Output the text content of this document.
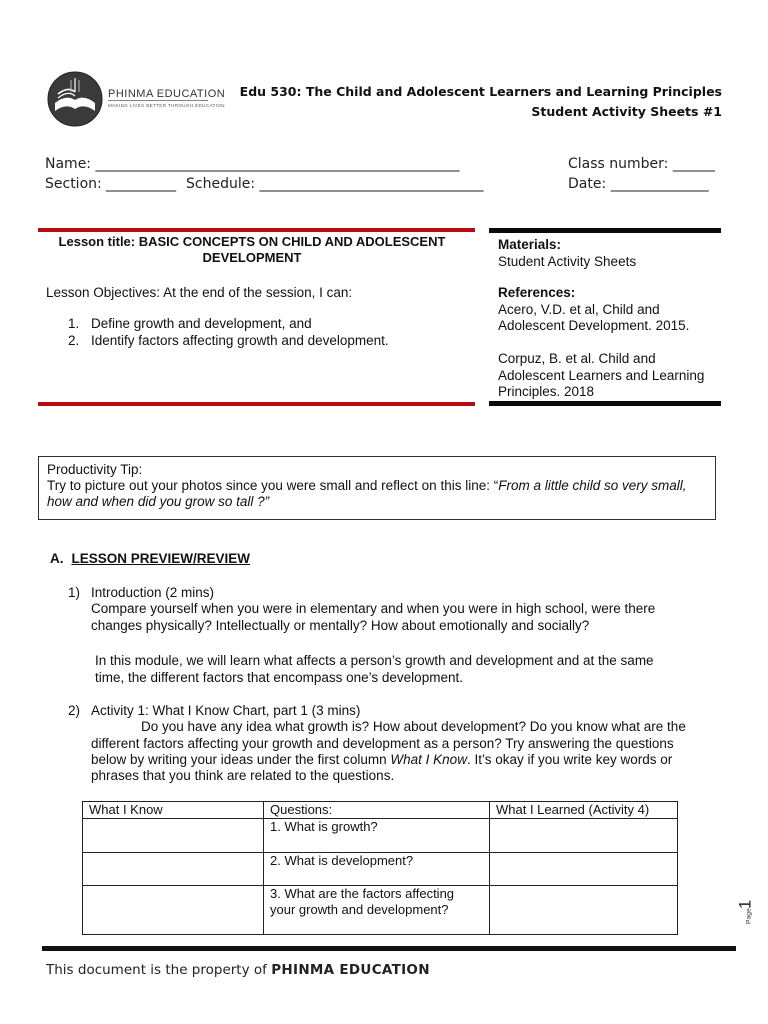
PHINMA EDUCATION
MAKING LIVES BETTER THROUGH EDUCATION
Edu 530: The Child and Adolescent Learners and Learning Principles
Student Activity Sheets #1
Name: ____________________________________________________	Class number: ______
Section: __________ Schedule: ________________________________	Date: ______________
Lesson title: BASIC CONCEPTS ON CHILD AND ADOLESCENT
DEVELOPMENT
Lesson Objectives: At the end of the session, I can:
1. Define growth and development, and
2. Identify factors affecting growth and development.
Materials:
Student Activity Sheets
References:
Acero, V.D. et al, Child and
Adolescent Development. 2015.
Corpuz, B. et al. Child and
Adolescent Learners and Learning
Principles. 2018
Productivity Tip:
Try to picture out your photos since you were small and reflect on this line: “From a little child so very small,
how and when did you grow so tall ?”
A. LESSON PREVIEW/REVIEW
1) Introduction (2 mins)
Compare yourself when you were in elementary and when you were in high school, were there
changes physically? Intellectually or mentally? How about emotionally and socially?
In this module, we will learn what affects a person’s growth and development and at the same
time, the different factors that encompass one’s development.
2) Activity 1: What I Know Chart, part 1 (3 mins)
Do you have any idea what growth is? How about development? Do you know what are the
different factors affecting your growth and development as a person? Try answering the questions
below by writing your ideas under the first column What I Know. It’s okay if you write key words or
phrases that you think are related to the questions.
What I Know	Questions:	What I Learned (Activity 4)

	1. What is growth?	

	2. What is development?	

	3. What are the factors affecting
your growth and development?	
		Page
1
This document is the property of PHINMA EDUCATION
